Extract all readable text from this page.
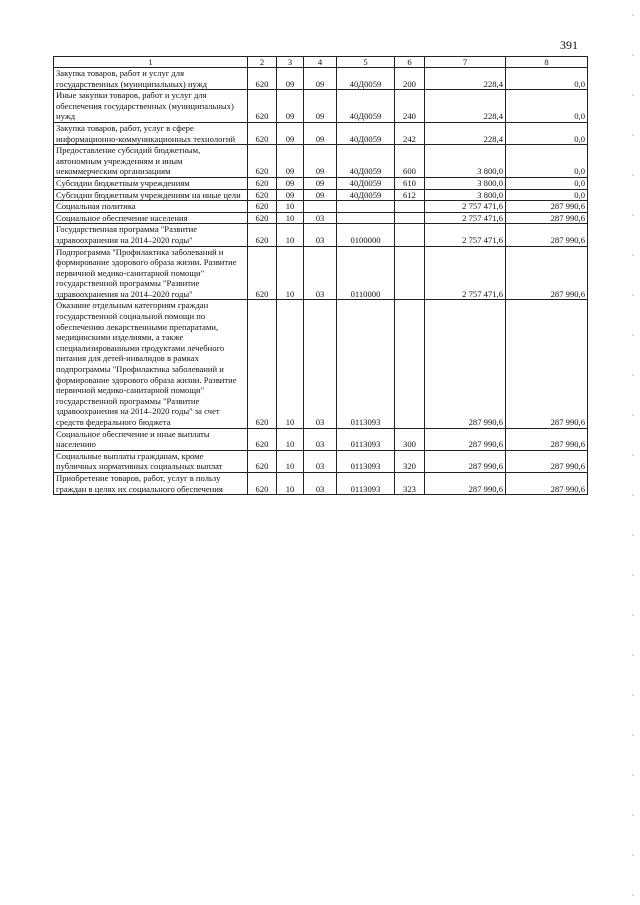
391
1	2	3	4	5	6	7	8
Закупка товаров, работ и услуг для государственных (муниципальных) нужд	620	09	09	40Д0059	200	228,4	0,0
Иные закупки товаров, работ и услуг для обеспечения государственных (муниципальных) нужд	620	09	09	40Д0059	240	228,4	0,0
Закупка товаров, работ, услуг в сфере информационно-коммуникационных технологий	620	09	09	40Д0059	242	228,4	0,0
Предоставление субсидий бюджетным, автономным учреждениям и иным некоммерческим организациям	620	09	09	40Д0059	600	3 800,0	0,0
Субсидии бюджетным учреждениям	620	09	09	40Д0059	610	3 800,0	0,0
Субсидии бюджетным учреждениям на иные цели	620	09	09	40Д0059	612	3 800,0	0,0
Социальная политика	620	10				2 757 471,6	287 990,6
Социальное обеспечение населения	620	10	03			2 757 471,6	287 990,6
Государственная программа "Развитие здравоохранения на 2014–2020 годы"	620	10	03	0100000		2 757 471,6	287 990,6
Подпрограмма "Профилактика заболеваний и формирование здорового образа жизни. Развитие первичной медико-санитарной помощи" государственной программы "Развитие здравоохранения на 2014–2020 годы"	620	10	03	0110000		2 757 471,6	287 990,6
Оказание отдельным категориям граждан государственной социальной помощи по обеспечению лекарственными препаратами, медицинскими изделиями, а также специализированными продуктами лечебного питания для детей-инвалидов в рамках подпрограммы "Профилактика заболеваний и формирование здорового образа жизни. Развитие первичной медико-санитарной помощи" государственной программы "Развитие здравоохранения на 2014–2020 годы" за счет средств федерального бюджета	620	10	03	0113093		287 990,6	287 990,6
Социальное обеспечение и иные выплаты населению	620	10	03	0113093	300	287 990,6	287 990,6
Социальные выплаты гражданам, кроме публичных нормативных социальных выплат	620	10	03	0113093	320	287 990,6	287 990,6
Приобретение товаров, работ, услуг в пользу граждан в целях их социального обеспечения	620	10	03	0113093	323	287 990,6	287 990,6
